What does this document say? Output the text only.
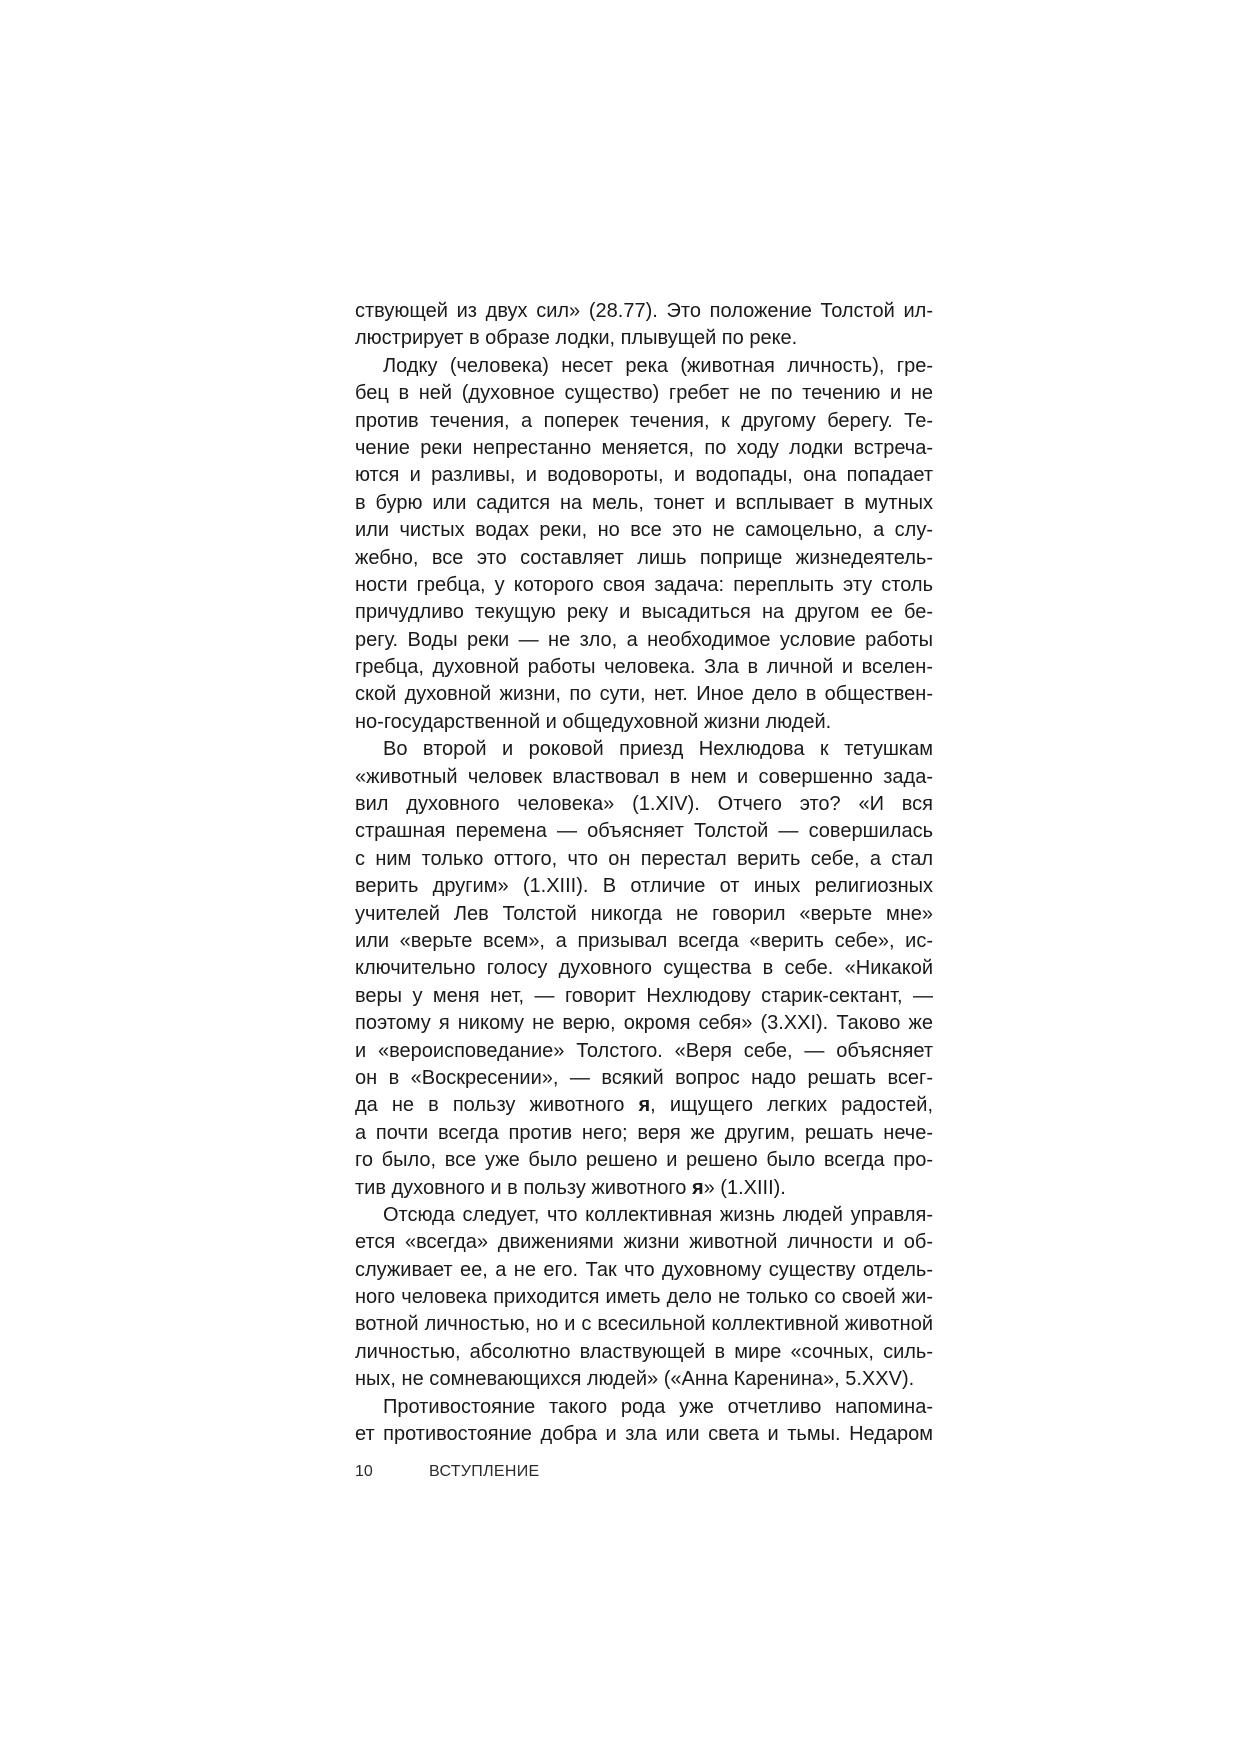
ствующей из двух сил» (28.77). Это положение Толстой ил-
люстрирует в образе лодки, плывущей по реке.
Лодку (человека) несет река (животная личность), гре-
бец в ней (духовное существо) гребет не по течению и не
против течения, а поперек течения, к другому берегу. Те-
чение реки непрестанно меняется, по ходу лодки встреча-
ются и разливы, и водовороты, и водопады, она попадает
в бурю или садится на мель, тонет и всплывает в мутных
или чистых водах реки, но все это не самоцельно, а слу-
жебно, все это составляет лишь поприще жизнедеятель-
ности гребца, у которого своя задача: переплыть эту столь
причудливо текущую реку и высадиться на другом ее бе-
регу. Воды реки — не зло, а необходимое условие работы
гребца, духовной работы человека. Зла в личной и вселен-
ской духовной жизни, по сути, нет. Иное дело в обществен-
но-государственной и общедуховной жизни людей.
Во второй и роковой приезд Нехлюдова к тетушкам
«животный человек властвовал в нем и совершенно зада-
вил духовного человека» (1.XIV). Отчего это? «И вся
страшная перемена — объясняет Толстой — совершилась
с ним только оттого, что он перестал верить себе, а стал
верить другим» (1.XIII). В отличие от иных религиозных
учителей Лев Толстой никогда не говорил «верьте мне»
или «верьте всем», а призывал всегда «верить себе», ис-
ключительно голосу духовного существа в себе. «Никакой
веры у меня нет, — говорит Нехлюдову старик-сектант, —
поэтому я никому не верю, окромя себя» (3.XXI). Таково же
и «вероисповедание» Толстого. «Веря себе, — объясняет
он в «Воскресении», — всякий вопрос надо решать всег-
да не в пользу животного я, ищущего легких радостей,
а почти всегда против него; веря же другим, решать нече-
го было, все уже было решено и решено было всегда про-
тив духовного и в пользу животного я» (1.XIII).
Отсюда следует, что коллективная жизнь людей управля-
ется «всегда» движениями жизни животной личности и об-
служивает ее, а не его. Так что духовному существу отдель-
ного человека приходится иметь дело не только со своей жи-
вотной личностью, но и с всесильной коллективной животной
личностью, абсолютно властвующей в мире «сочных, силь-
ных, не сомневающихся людей» («Анна Каренина», 5.XXV).
Противостояние такого рода уже отчетливо напомина-
ет противостояние добра и зла или света и тьмы. Недаром
10	ВСТУПЛЕНИЕ
